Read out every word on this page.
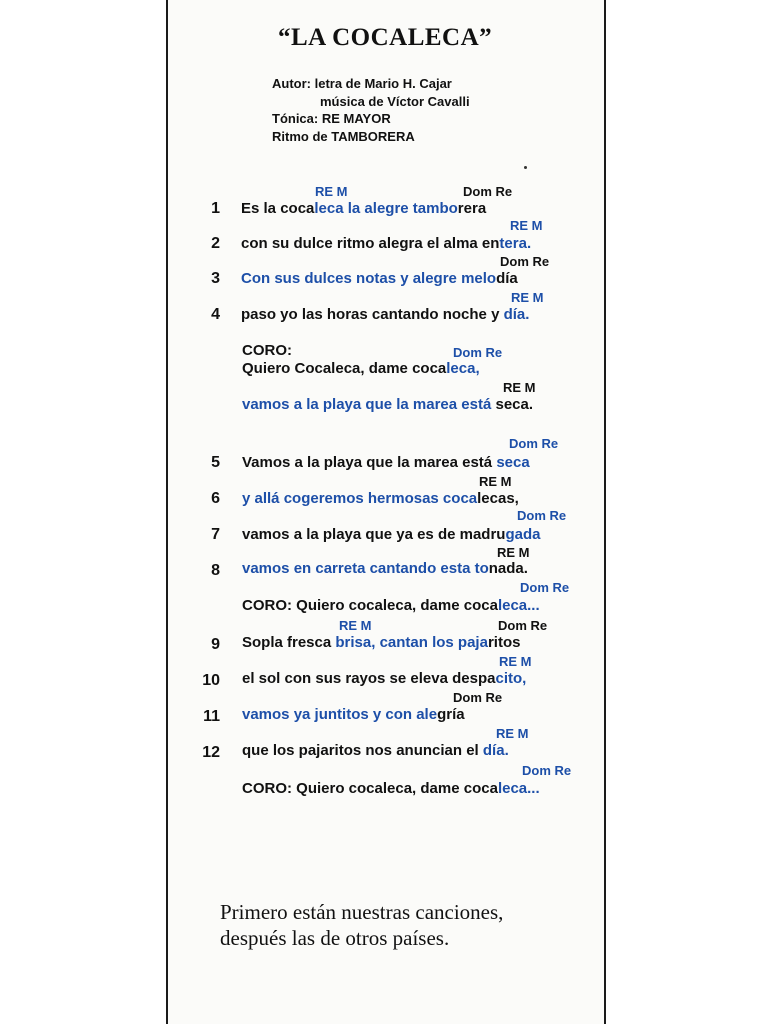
“LA COCALECA”
Autor: letra de Mario H. Cajar
música de Víctor Cavalli
Tónica: RE MAYOR
Ritmo de TAMBORERA
RE M	Dom Re
1 Es la cocaleca la alegre tamborera
RE M
2 con su dulce ritmo alegra el alma entera.
Dom Re
3 Con sus dulces notas y alegre melodía
RE M
4 paso yo las horas cantando noche y día.
CORO:	Dom Re
Quiero Cocaleca, dame cocaleca,
RE M
vamos a la playa que la marea está seca.
Dom Re
5 Vamos a la playa que la marea está seca
RE M
6 y allá cogeremos hermosas cocalecas,
Dom Re
7 vamos a la playa que ya es de madrugada
RE M
8 vamos en carreta cantando esta tonada.
Dom Re
CORO: Quiero cocaleca, dame cocaleca...
RE M	Dom Re
9 Sopla fresca brisa, cantan los pajaritos
RE M
10 el sol con sus rayos se eleva despacito,
Dom Re
11 vamos ya juntitos y con alegría
RE M
12 que los pajaritos nos anuncian el día.
Dom Re
CORO: Quiero cocaleca, dame cocaleca...
Primero están nuestras canciones,
después las de otros países.
